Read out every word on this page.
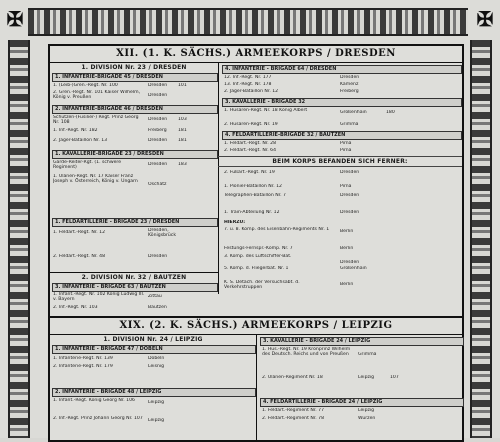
✠	✠
XII. (1. K. SÄCHS.) ARMEEKORPS / DRESDEN
1. DIVISION Nr. 23 / DRESDEN
1. INFANTERIE-BRIGADE 45 / DRESDEN
1. (Leib-)Gren.-Regt. Nr. 100	Dresden	101
2. Gren.-Regt. Nr. 101 Kaiser Wilhelm, König v. Preußen	Dresden
2. INFANTERIE-BRIGADE 46 / DRESDEN
Schützen-(Füsilier-) Regt. Prinz Georg Nr. 108
Dresden	103
1. Inf.-Regt. Nr. 182	Freiberg	181
2. Jäger-Bataillon Nr. 13	Dresden	181
1. KAVALLERIE-BRIGADE 23 / DRESDEN
Garde-Reiter-Rgt. (1. schwere Regiment)
Dresden	183
1. Ulanen-Regt. Nr. 17 Kaiser Franz Joseph v. Österreich, König v. Ungarn
Oschatz
1. FELDARTILLERIE - BRIGADE 23 / DRESDEN
1. Feldart.-Regt. Nr. 12	Dresden, Königsbrück
2. Feldart.-Regt. Nr. 48	Dresden
2. DIVISION Nr. 32 / BAUTZEN
3. INFANTERIE - BRIGADE 63 / BAUTZEN
1. Infant.-Regt. Nr. 102 König Ludwig III. v. Bayern
Zittau
2. Inf.-Regt. Nr. 103	Bautzen
4. INFANTERIE - BRIGADE 64 / DRESDEN
12. Inf.-Regt. Nr. 177	Dresden
13. Inf.-Regt. Nr. 178	Kamenz
2. Jäger-Bataillon Nr. 12	Freiberg
3. KAVALLERIE - BRIGADE 32
1. Husaren-Regt. Nr. 18 König Albert	Großenhain	180
2. Husaren-Regt. Nr. 19	Grimma
4. FELDARTILLERIE-BRIGADE 32 / BAUTZEN
1. Feldart.-Regt. Nr. 28	Pirna
2. Feldart.-Regt. Nr. 64	Pirna
BEIM KORPS BEFANDEN SICH FERNER:
2. Fußart.-Regt. Nr. 19	Dresden
1. Pionier-Bataillon Nr. 12	Pirna
Telegraphen-Bataillon Nr. 7	Dresden
1. Train-Abteilung Nr. 12	Dresden
HIERZU:
7. u. 8. Komp. des Eisenbahn-Regiments Nr. 1	Berlin
Festungs-Fernspr.-Komp. Nr. 7	Berlin
3. Komp. des Luftschiffer-Bat.
Dresden
5. Komp. d. Fliegerbat. Nr. 1	Großenhain
K. S. Detach. der Versuchsabt. d. Verkehrstruppen
Berlin
XIX. (2. K. SÄCHS.) ARMEEKORPS / LEIPZIG
1. DIVISION Nr. 24 / LEIPZIG
1. INFANTERIE - BRIGADE 47 / DÖBELN
1. Infanterie-Regt. Nr. 139	Döbeln
2. Infanterie-Regt. Nr. 179	Leisnig
2. INFANTERIE - BRIGADE 48 / LEIPZIG
1. Infant.-Regt. König Georg Nr. 106	Leipzig
2. Inf.-Regt. Prinz Johann Georg Nr. 107 Leipzig
3. KAVALLERIE - BRIGADE 24 / LEIPZIG
1. Hus.-Regt. Nr. 19 Kronprinz Wilhelm des Deutsch. Reichs und von Preußen	Grimma
2. Ulanen-Regiment Nr. 18	Leipzig	107
4. FELDARTILLERIE - BRIGADE 24 / LEIPZIG
1. Feldart.-Regiment Nr. 77	Leipzig
2. Feldart.-Regiment Nr. 78	Wurzen
